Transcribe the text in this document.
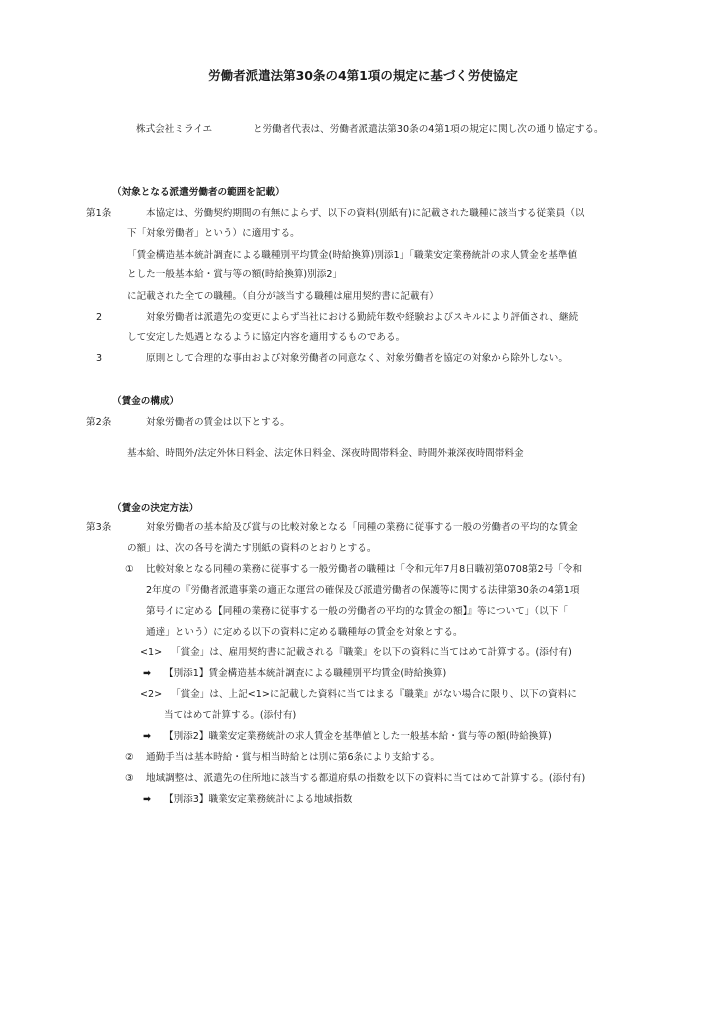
労働者派遣法第30条の4第1項の規定に基づく労使協定
株式会社ミライエ	と労働者代表は、労働者派遣法第30条の4第1項の規定に関し次の通り協定する。
（対象となる派遣労働者の範囲を記載）
第1条	本協定は、労働契約期間の有無によらず、以下の資料(別紙有)に記載された職種に該当する従業員（以
下「対象労働者」という）に適用する。
「賃金構造基本統計調査による職種別平均賃金(時給換算)別添1」「職業安定業務統計の求人賃金を基準値
とした一般基本給・賞与等の額(時給換算)別添2」
に記載された全ての職種。（自分が該当する職種は雇用契約書に記載有）
2	対象労働者は派遣先の変更によらず当社における勤続年数や経験およびスキルにより評価され、継続
して安定した処遇となるように協定内容を適用するものである。
3	原則として合理的な事由および対象労働者の同意なく、対象労働者を協定の対象から除外しない。
（賃金の構成）
第2条	対象労働者の賃金は以下とする。
基本給、時間外/法定外休日料金、法定休日料金、深夜時間帯料金、時間外兼深夜時間帯料金
（賃金の決定方法）
第3条	対象労働者の基本給及び賞与の比較対象となる「同種の業務に従事する一般の労働者の平均的な賃金
の額」は、次の各号を満たす別紙の資料のとおりとする。
① 比較対象となる同種の業務に従事する一般労働者の職種は「令和元年7月8日職初第0708第2号「令和
2年度の『労働者派遣事業の適正な運営の確保及び派遣労働者の保護等に関する法律第30条の4第1項
第号イに定める【同種の業務に従事する一般の労働者の平均的な賃金の額】』等について」（以下「
通達」という）に定める以下の資料に定める職種毎の賃金を対象とする。
<1> 「賞金」は、雇用契約書に記載される『職業』を以下の資料に当てはめて計算する。(添付有)
➡ 【別添1】賃金構造基本統計調査による職種別平均賃金(時給換算)
<2> 「賞金」は、上記<1>に記載した資料に当てはまる『職業』がない場合に限り、以下の資料に
当てはめて計算する。(添付有)
➡ 【別添2】職業安定業務統計の求人賃金を基準値とした一般基本給・賞与等の額(時給換算)
② 通勤手当は基本時給・賞与相当時給とは別に第6条により支給する。
③ 地域調整は、派遣先の住所地に該当する都道府県の指数を以下の資料に当てはめて計算する。(添付有)
➡ 【別添3】職業安定業務統計による地域指数
